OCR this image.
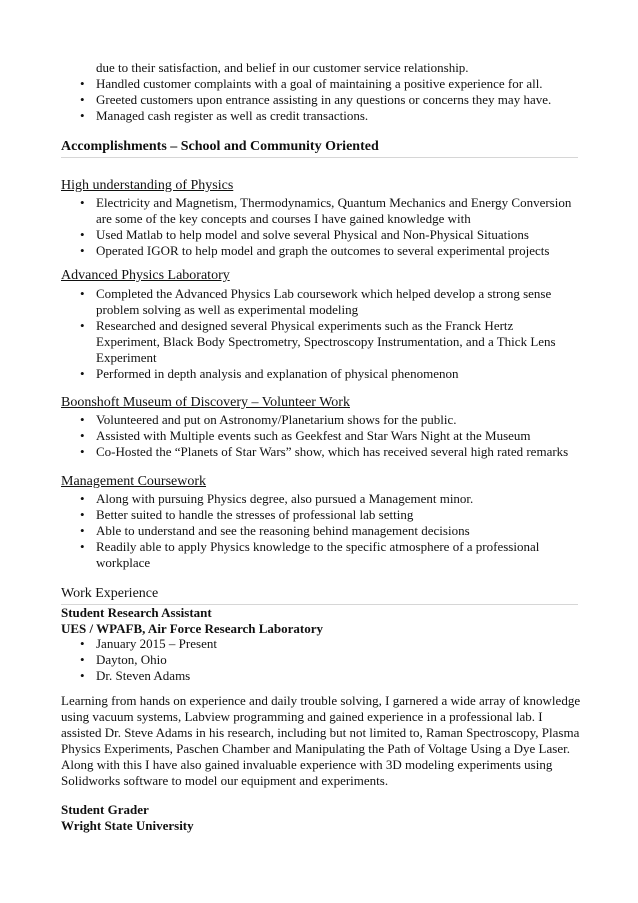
due to their satisfaction, and belief in our customer service relationship.
• Handled customer complaints with a goal of maintaining a positive experience for all.
• Greeted customers upon entrance assisting in any questions or concerns they may have.
• Managed cash register as well as credit transactions.
Accomplishments – School and Community Oriented
High understanding of Physics
• Electricity and Magnetism, Thermodynamics, Quantum Mechanics and Energy Conversion are some of the key concepts and courses I have gained knowledge with
• Used Matlab to help model and solve several Physical and Non-Physical Situations
• Operated IGOR to help model and graph the outcomes to several experimental projects
Advanced Physics Laboratory
• Completed the Advanced Physics Lab coursework which helped develop a strong sense problem solving as well as experimental modeling
• Researched and designed several Physical experiments such as the Franck Hertz Experiment, Black Body Spectrometry, Spectroscopy Instrumentation, and a Thick Lens Experiment
• Performed in depth analysis and explanation of physical phenomenon
Boonshoft Museum of Discovery – Volunteer Work
• Volunteered and put on Astronomy/Planetarium shows for the public.
• Assisted with Multiple events such as Geekfest and Star Wars Night at the Museum
• Co-Hosted the “Planets of Star Wars” show, which has received several high rated remarks
Management Coursework
• Along with pursuing Physics degree, also pursued a Management minor.
• Better suited to handle the stresses of professional lab setting
• Able to understand and see the reasoning behind management decisions
• Readily able to apply Physics knowledge to the specific atmosphere of a professional workplace
Work Experience
Student Research Assistant
UES / WPAFB, Air Force Research Laboratory
• January 2015 – Present
• Dayton, Ohio
• Dr. Steven Adams
Learning from hands on experience and daily trouble solving, I garnered a wide array of knowledge using vacuum systems, Labview programming and gained experience in a professional lab. I assisted Dr. Steve Adams in his research, including but not limited to, Raman Spectroscopy, Plasma Physics Experiments, Paschen Chamber and Manipulating the Path of Voltage Using a Dye Laser. Along with this I have also gained invaluable experience with 3D modeling experiments using Solidworks software to model our equipment and experiments.
Student Grader
Wright State University
